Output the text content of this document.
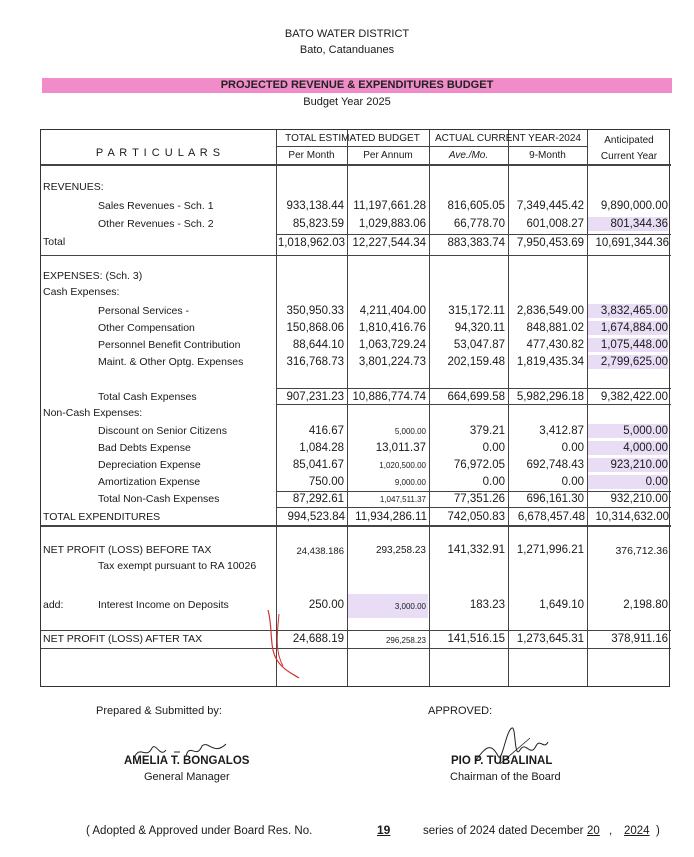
BATO WATER DISTRICT
Bato, Catanduanes
PROJECTED REVENUE & EXPENDITURES BUDGET
Budget Year 2025
P A R T I C U L A R S
TOTAL ESTIMATED BUDGET
Per Month	Per Annum
ACTUAL CURRENT YEAR-2024
Ave./Mo.	9-Month
Anticipated
Current Year
REVENUES:
Sales Revenues - Sch. 1	933,138.44 11,197,661.28	816,605.05	7,349,445.42	9,890,000.00
Other Revenues - Sch. 2	85,823.59	1,029,883.06	66,778.70	601,008.27	801,344.36
Total	1,018,962.03 12,227,544.34	883,383.74	7,950,453.69 10,691,344.36
EXPENSES: (Sch. 3)
Cash Expenses:
Personal Services -	350,950.33	4,211,404.00	315,172.11	2,836,549.00	3,832,465.00
Other Compensation	150,868.06	1,810,416.76	94,320.11	848,881.02	1,674,884.00
Personnel Benefit Contribution	88,644.10	1,063,729.24	53,047.87	477,430.82	1,075,448.00
Maint. & Other Optg. Expenses	316,768.73	3,801,224.73	202,159.48	1,819,435.34	2,799,625.00
Total Cash Expenses	907,231.23 10,886,774.74	664,699.58	5,982,296.18	9,382,422.00
Non-Cash Expenses:
Discount on Senior Citizens	416.67	5,000.00	379.21	3,412.87	5,000.00
Bad Debts Expense	1,084.28	13,011.37	0.00	0.00	4,000.00
Depreciation Expense	85,041.67	1,020,500.00	76,972.05	692,748.43	923,210.00
Amortization Expense	750.00	9,000.00	0.00	0.00	0.00
Total Non-Cash Expenses	87,292.61	1,047,511.37	77,351.26	696,161.30	932,210.00
TOTAL EXPENDITURES	994,523.84 11,934,286.11	742,050.83	6,678,457.48 10,314,632.00
NET PROFIT (LOSS) BEFORE TAX	24,438.186	293,258.23	141,332.91	1,271,996.21	376,712.36
Tax exempt pursuant to RA 10026
add:	Interest Income on Deposits	250.00	3,000.00	183.23	1,649.10	2,198.80
NET PROFIT (LOSS) AFTER TAX	24,688.19	296,258.23	141,516.15	1,273,645.31	378,911.16
Prepared & Submitted by:	APPROVED:
AMELIA T. BONGALOS
General Manager
PIO P. TUBALINAL
Chairman of the Board
( Adopted & Approved under Board Res. No.	19	series of 2024 dated December 20 , 2024 )
